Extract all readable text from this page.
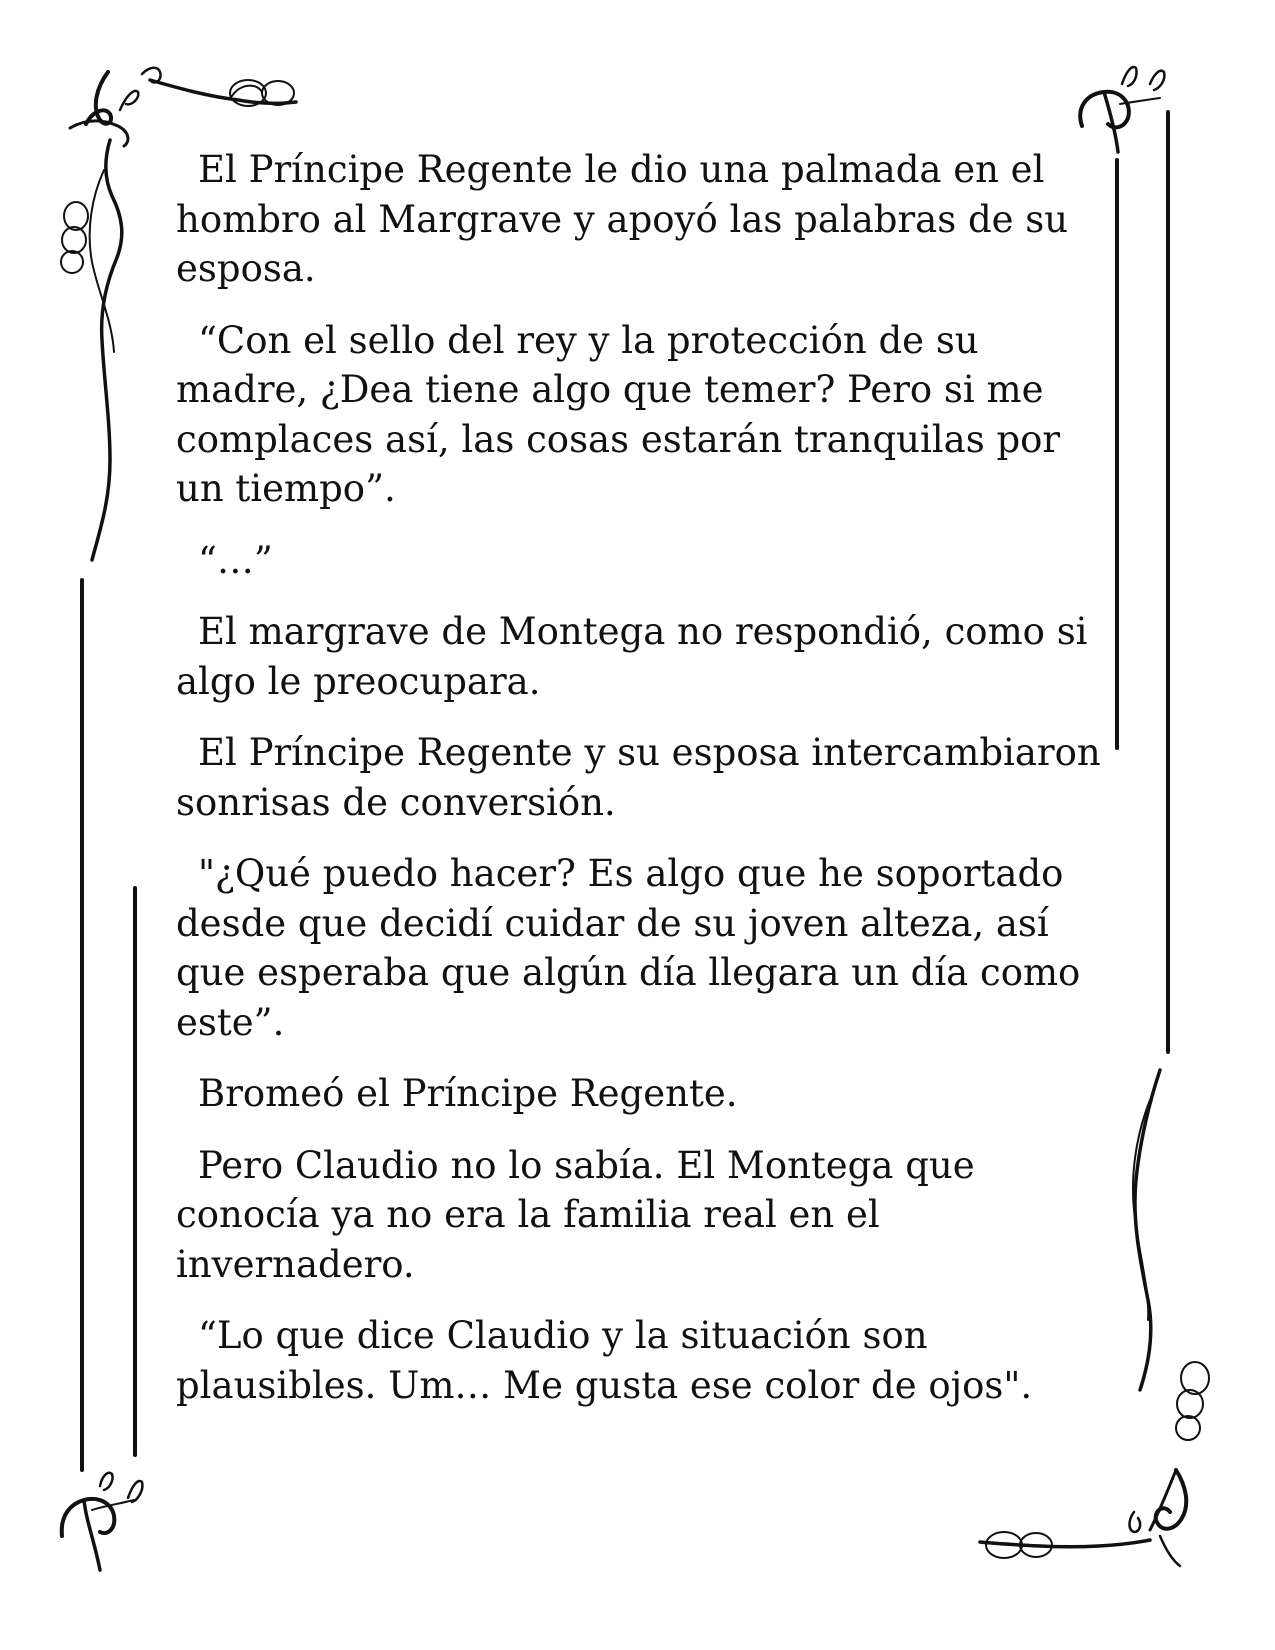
El Príncipe Regente le dio una palmada en el hombro al Margrave y apoyó las palabras de su esposa.

“Con el sello del rey y la protección de su madre, ¿Dea tiene algo que temer? Pero si me complaces así, las cosas estarán tranquilas por un tiempo”.

“…”

El margrave de Montega no respondió, como si algo le preocupara.

El Príncipe Regente y su esposa intercambiaron sonrisas de conversión.

"¿Qué puedo hacer? Es algo que he soportado desde que decidí cuidar de su joven alteza, así que esperaba que algún día llegara un día como este”.

Bromeó el Príncipe Regente.

Pero Claudio no lo sabía. El Montega que conocía ya no era la familia real en el invernadero.

“Lo que dice Claudio y la situación son plausibles. Um… Me gusta ese color de ojos".
